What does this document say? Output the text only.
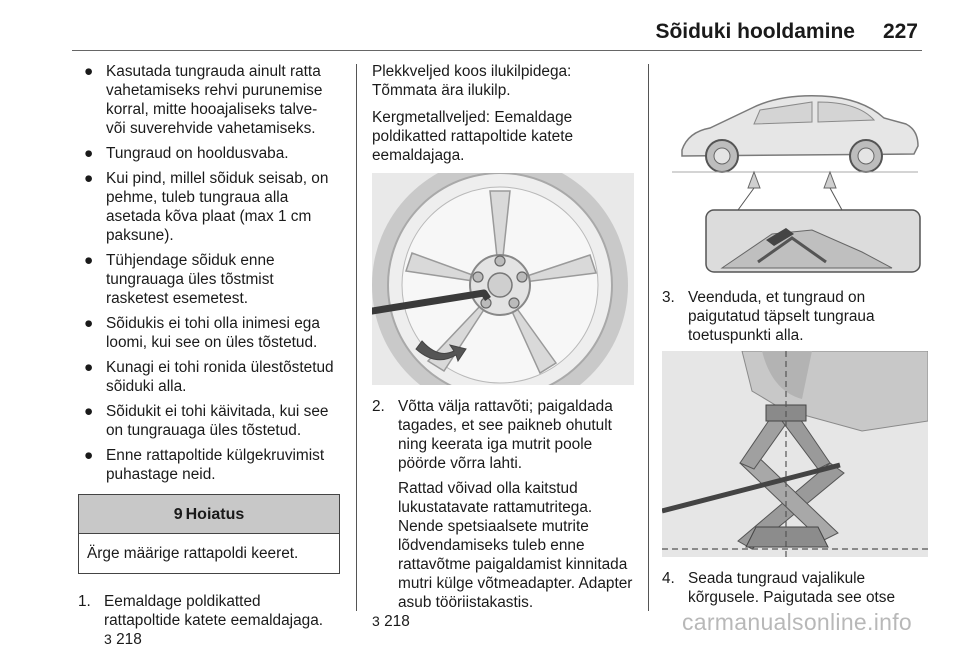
Sõiduki hooldamine 227
● Kasutada tungrauda ainult ratta vahetamiseks rehvi purunemise korral, mitte hooajaliseks talve- või suverehvide vahetamiseks.
● Tungraud on hooldusvaba.
● Kui pind, millel sõiduk seisab, on pehme, tuleb tungraua alla asetada kõva plaat (max 1 cm paksune).
● Tühjendage sõiduk enne tungrauaga üles tõstmist rasketest esemetest.
● Sõidukis ei tohi olla inimesi ega loomi, kui see on üles tõstetud.
● Kunagi ei tohi ronida ülestõstetud sõiduki alla.
● Sõidukit ei tohi käivitada, kui see on tungrauaga üles tõstetud.
● Enne rattapoltide külgekruvimist puhastage neid.
9 Hoiatus
Ärge määrige rattapoldi keeret.
1. Eemaldage poldikatted rattapoltide katete eemaldajaga.
3 218
Plekkveljed koos ilukilpidega: Tõmmata ära ilukilp.
Kergmetallveljed: Eemaldage poldikatted rattapoltide katete eemaldajaga.
2. Võtta välja rattavõti; paigaldada tagades, et see paikneb ohutult ning keerata iga mutrit poole pöörde võrra lahti.
Rattad võivad olla kaitstud lukustatavate rattamutritega. Nende spetsiaalsete mutrite lõdvendamiseks tuleb enne rattavõtme paigaldamist kinnitada mutri külge võtmeadapter. Adapter asub tööriistakastis.

3 218
3. Veenduda, et tungraud on paigutatud täpselt tungraua toetuspunkti alla.
4. Seada tungraud vajalikule kõrgusele. Paigutada see otse
carmanualsonline.info
